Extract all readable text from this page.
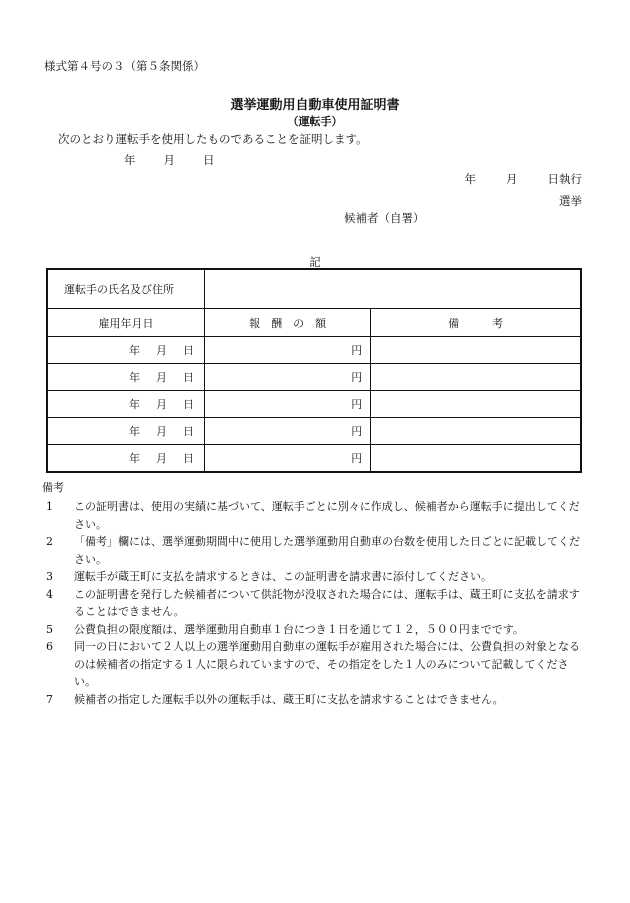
様式第４号の３（第５条関係）
選挙運動用自動車使用証明書
（運転手）
次のとおり運転手を使用したものであることを証明します。
年 月 日
年	月	日執行
選挙
候補者（自署）
記
運転手の氏名及び住所		
雇用年月日	報　酬　の　額	備　　　考
年 月 日	円	
年 月 日	円	
年 月 日	円	
年 月 日	円	
年 月 日	円	
備考
1	この証明書は、使用の実績に基づいて、運転手ごとに別々に作成し、候補者から運転手に提出してください。
2	「備考」欄には、選挙運動期間中に使用した選挙運動用自動車の台数を使用した日ごとに記載してください。
3	運転手が蔵王町に支払を請求するときは、この証明書を請求書に添付してください。
4	この証明書を発行した候補者について供託物が没収された場合には、運転手は、蔵王町に支払を請求することはできません。
5	公費負担の限度額は、選挙運動用自動車１台につき１日を通じて１２，５００円までです。
6	同一の日において２人以上の選挙運動用自動車の運転手が雇用された場合には、公費負担の対象となるのは候補者の指定する１人に限られていますので、その指定をした１人のみについて記載してください。
7	候補者の指定した運転手以外の運転手は、蔵王町に支払を請求することはできません。
